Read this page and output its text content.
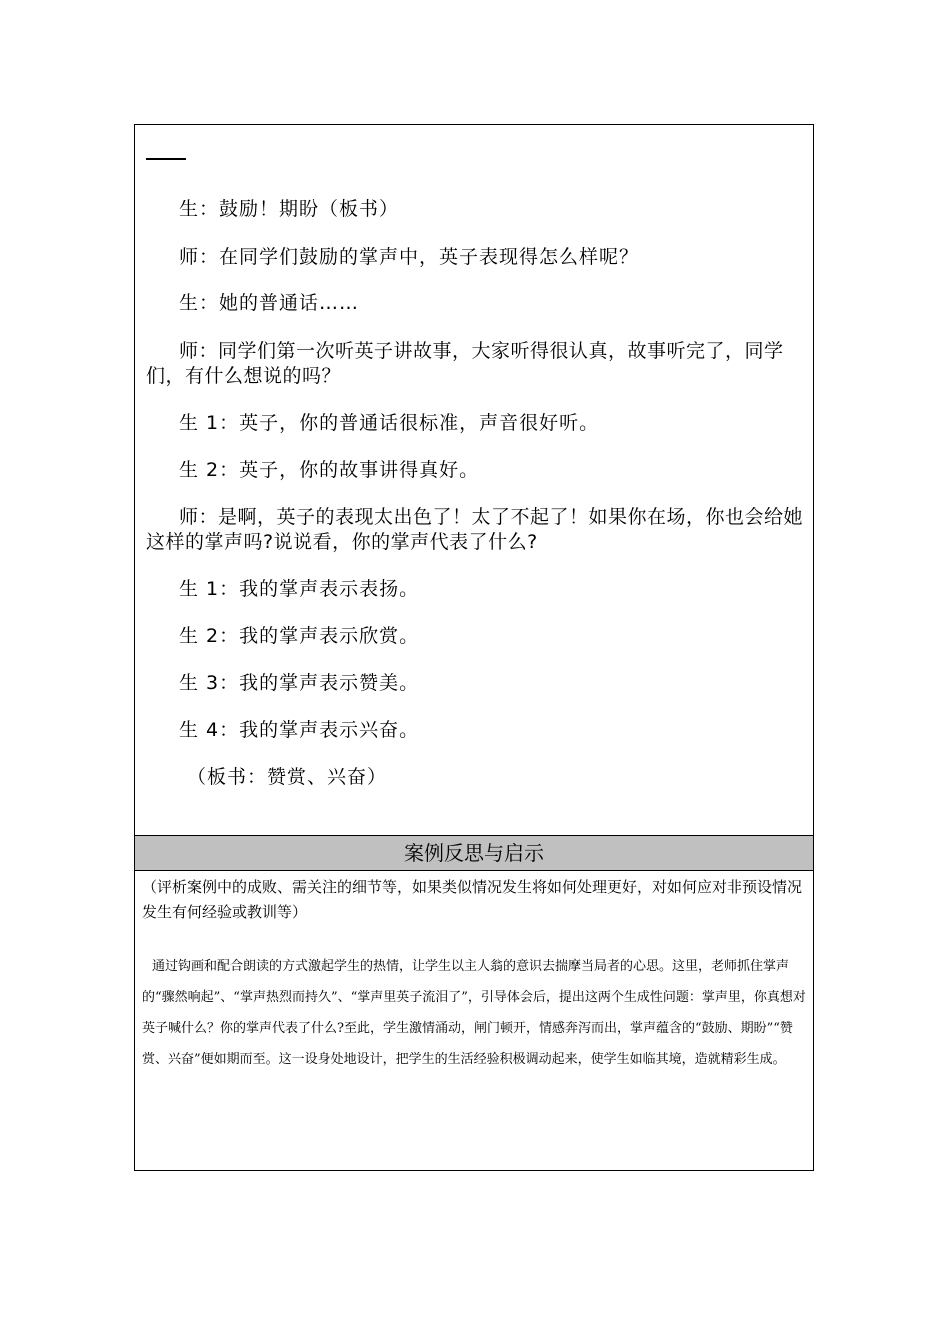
生：鼓励！期盼（板书）
师：在同学们鼓励的掌声中，英子表现得怎么样呢？
生：她的普通话……
师：同学们第一次听英子讲故事，大家听得很认真，故事听完了，同学们，有什么想说的吗？
生 1：英子，你的普通话很标准，声音很好听。
生 2：英子，你的故事讲得真好。
师：是啊，英子的表现太出色了！太了不起了！如果你在场，你也会给她这样的掌声吗?说说看，你的掌声代表了什么?
生 1：我的掌声表示表扬。
生 2：我的掌声表示欣赏。
生 3：我的掌声表示赞美。
生 4：我的掌声表示兴奋。
（板书：赞赏、兴奋）
案例反思与启示
（评析案例中的成败、需关注的细节等，如果类似情况发生将如何处理更好，对如何应对非预设情况发生有何经验或教训等）
通过钩画和配合朗读的方式激起学生的热情，让学生以主人翁的意识去揣摩当局者的心思。这里，老师抓住掌声的“骤然响起”、“掌声热烈而持久”、“掌声里英子流泪了”，引导体会后，提出这两个生成性问题：掌声里，你真想对英子喊什么？你的掌声代表了什么?至此，学生激情涌动，闸门顿开，情感奔泻而出，掌声蕴含的“鼓励、期盼”“赞赏、兴奋”便如期而至。这一设身处地设计，把学生的生活经验积极调动起来，使学生如临其境，造就精彩生成。
